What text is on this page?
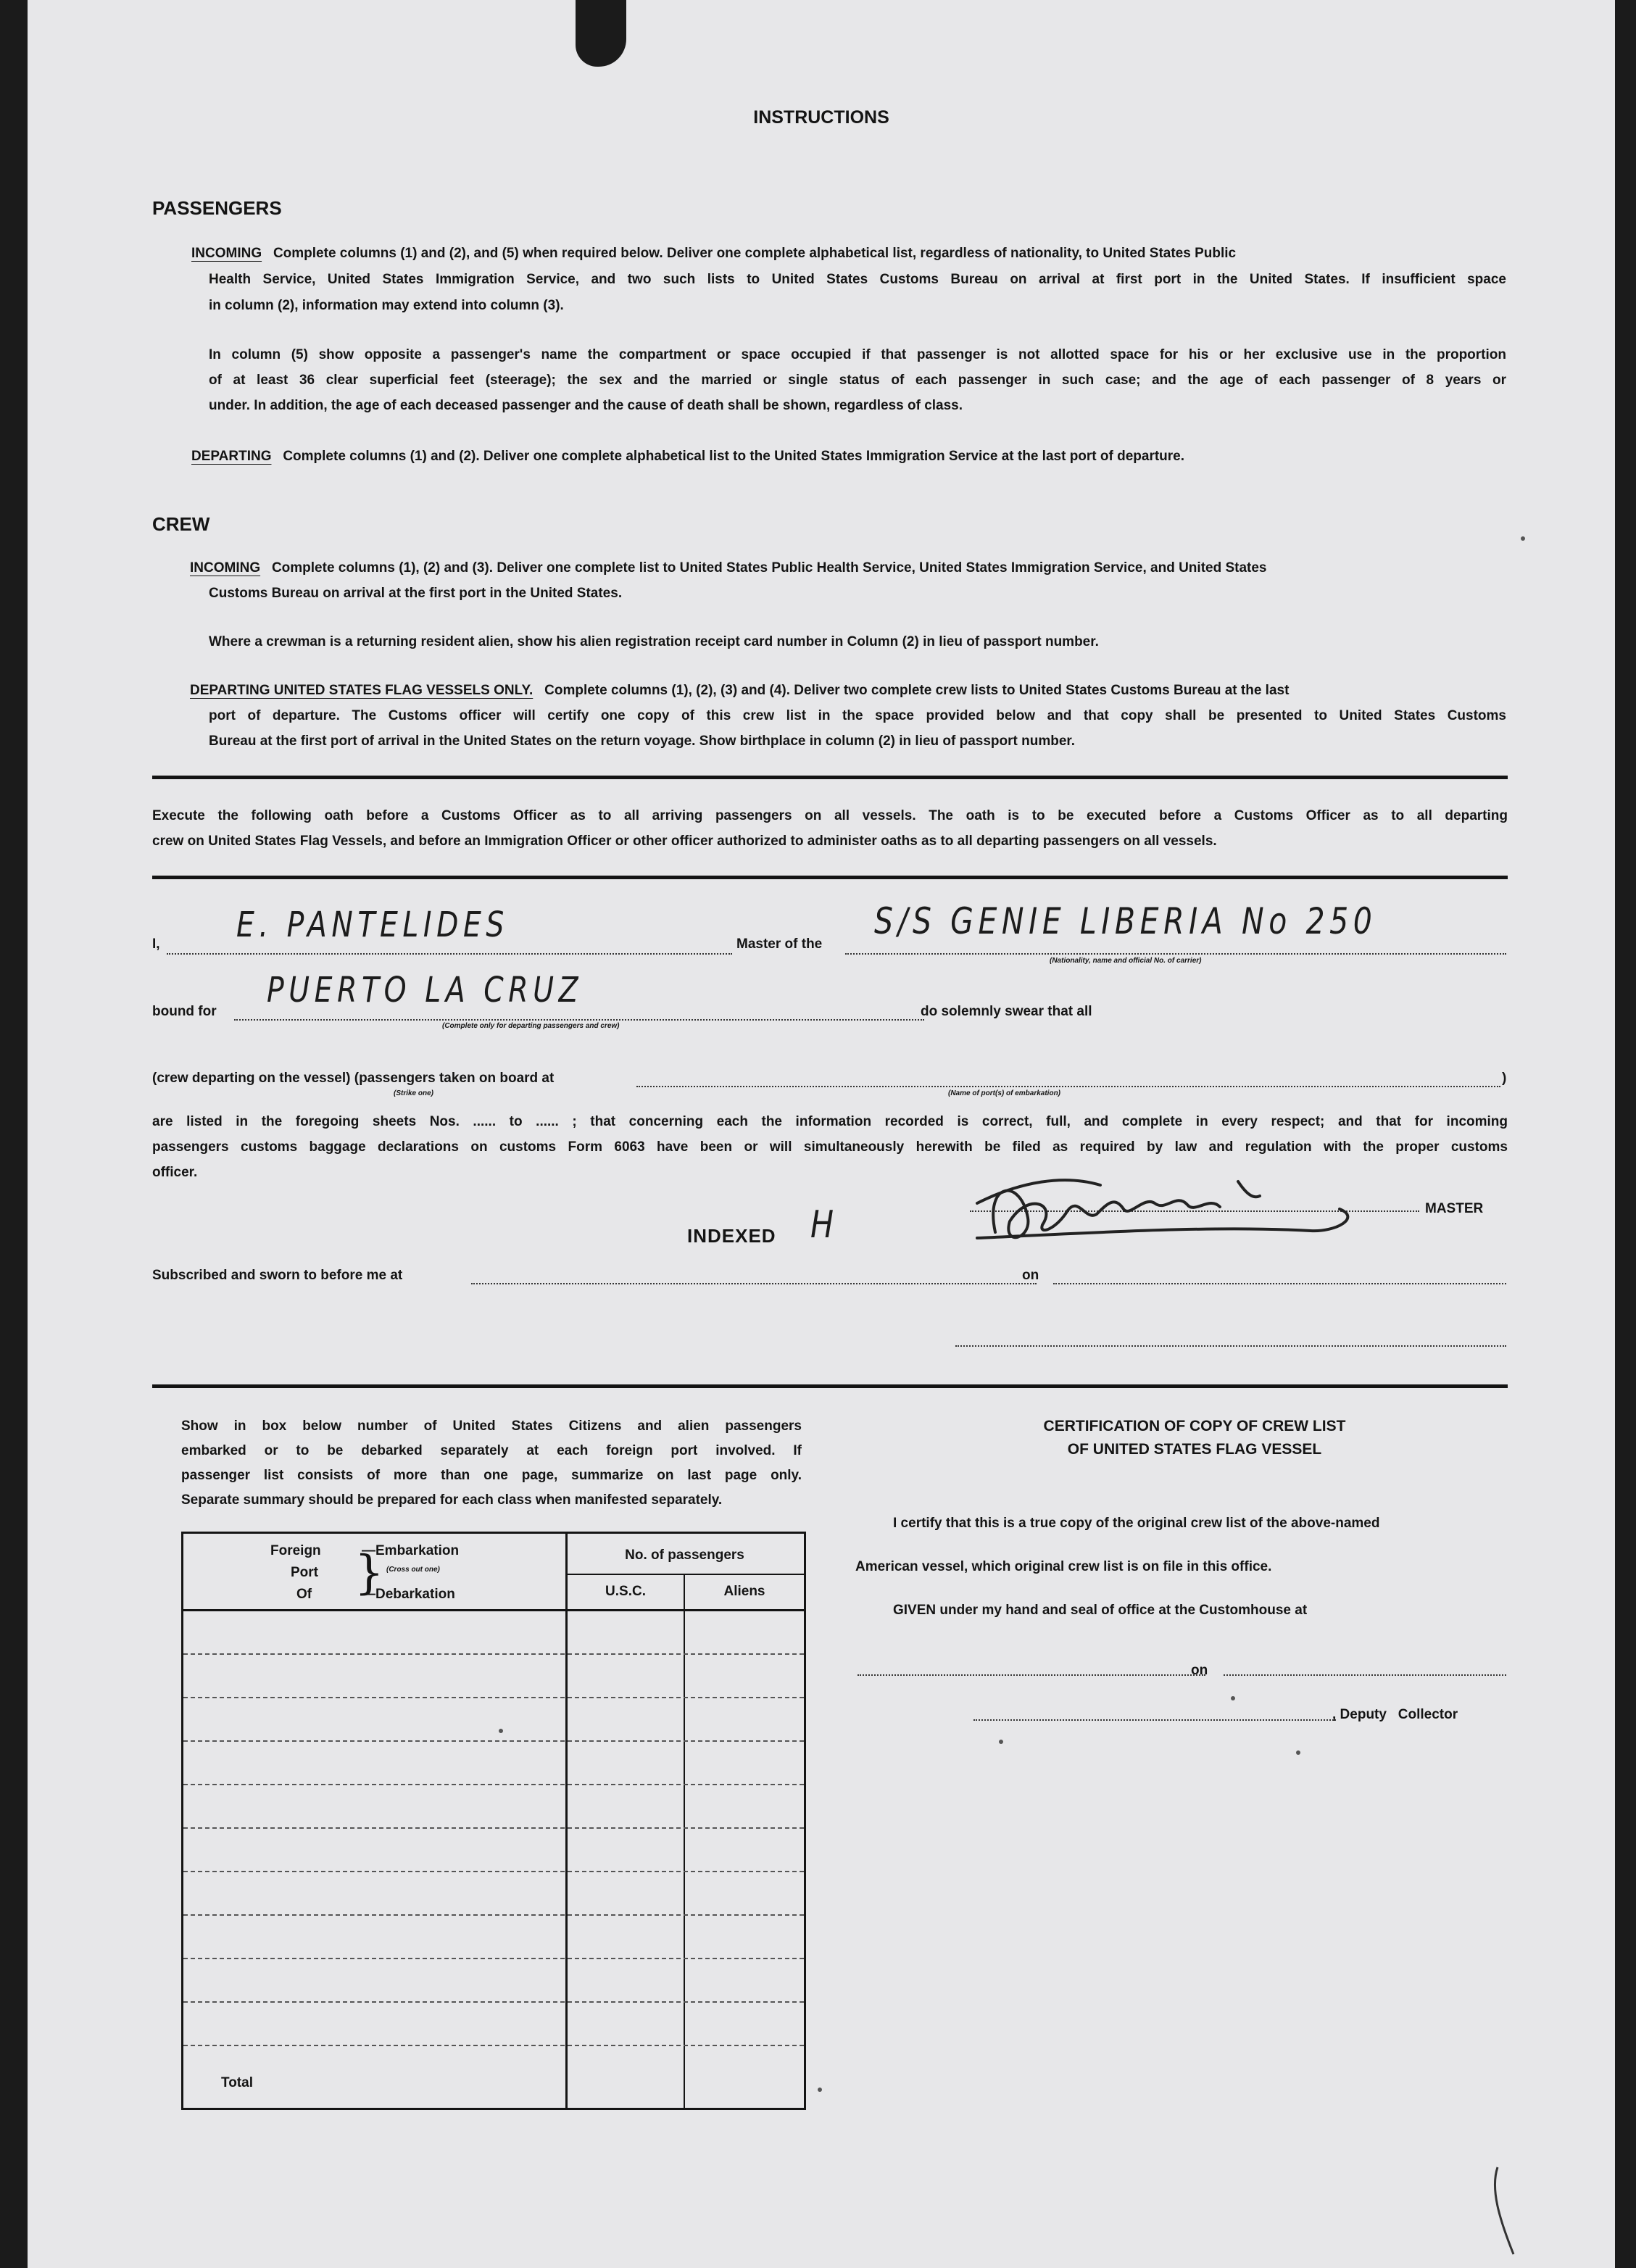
INSTRUCTIONS
PASSENGERS
INCOMING Complete columns (1) and (2), and (5) when required below. Deliver one complete alphabetical list, regardless of nationality, to United States Public
Health Service, United States Immigration Service, and two such lists to United States Customs Bureau on arrival at first port in the United States. If insufficient space
in column (2), information may extend into column (3).
In column (5) show opposite a passenger's name the compartment or space occupied if that passenger is not allotted space for his or her exclusive use in the proportion
of at least 36 clear superficial feet (steerage); the sex and the married or single status of each passenger in such case; and the age of each passenger of 8 years or
under. In addition, the age of each deceased passenger and the cause of death shall be shown, regardless of class.
DEPARTING Complete columns (1) and (2). Deliver one complete alphabetical list to the United States Immigration Service at the last port of departure.
CREW
INCOMING Complete columns (1), (2) and (3). Deliver one complete list to United States Public Health Service, United States Immigration Service, and United States
Customs Bureau on arrival at the first port in the United States.
Where a crewman is a returning resident alien, show his alien registration receipt card number in Column (2) in lieu of passport number.
DEPARTING UNITED STATES FLAG VESSELS ONLY. Complete columns (1), (2), (3) and (4). Deliver two complete crew lists to United States Customs Bureau at the last
port of departure. The Customs officer will certify one copy of this crew list in the space provided below and that copy shall be presented to United States Customs
Bureau at the first port of arrival in the United States on the return voyage. Show birthplace in column (2) in lieu of passport number.
Execute the following oath before a Customs Officer as to all arriving passengers on all vessels. The oath is to be executed before a Customs Officer as to all departing
crew on United States Flag Vessels, and before an Immigration Officer or other officer authorized to administer oaths as to all departing passengers on all vessels.
I, E. PANTELIDES	Master of the
S/S GENIE LIBERIA No 250
(Nationality, name and official No. of carrier)
bound for
PUERTO LA CRUZ
(Complete only for departing passengers and crew)
do solemnly swear that all
(crew departing on the vessel) (passengers taken on board at	)
(Strike one)	(Name of port(s) of embarkation)
are listed in the foregoing sheets Nos. ...... to ...... ; that concerning each the information recorded is correct, full, and complete in every respect; and that for incoming
passengers customs baggage declarations on customs Form 6063 have been or will simultaneously herewith be filed as required by law and regulation with the proper customs
officer.
MASTER
INDEXED H
Subscribed and sworn to before me at	on
Show in box below number of United States Citizens and alien passengers
embarked or to be debarked separately at each foreign port involved. If
passenger list consists of more than one page, summarize on last page only.
Separate summary should be prepared for each class when manifested separately.
Foreign
Port
Of }
—Embarkation
(Cross out one)
—Debarkation
No. of passengers
U.S.C.	Aliens
Total
CERTIFICATION OF COPY OF CREW LIST
OF UNITED STATES FLAG VESSEL
I certify that this is a true copy of the original crew list of the above-named
American vessel, which original crew list is on file in this office.
GIVEN under my hand and seal of office at the Customhouse at
on
, Deputy   Collector
